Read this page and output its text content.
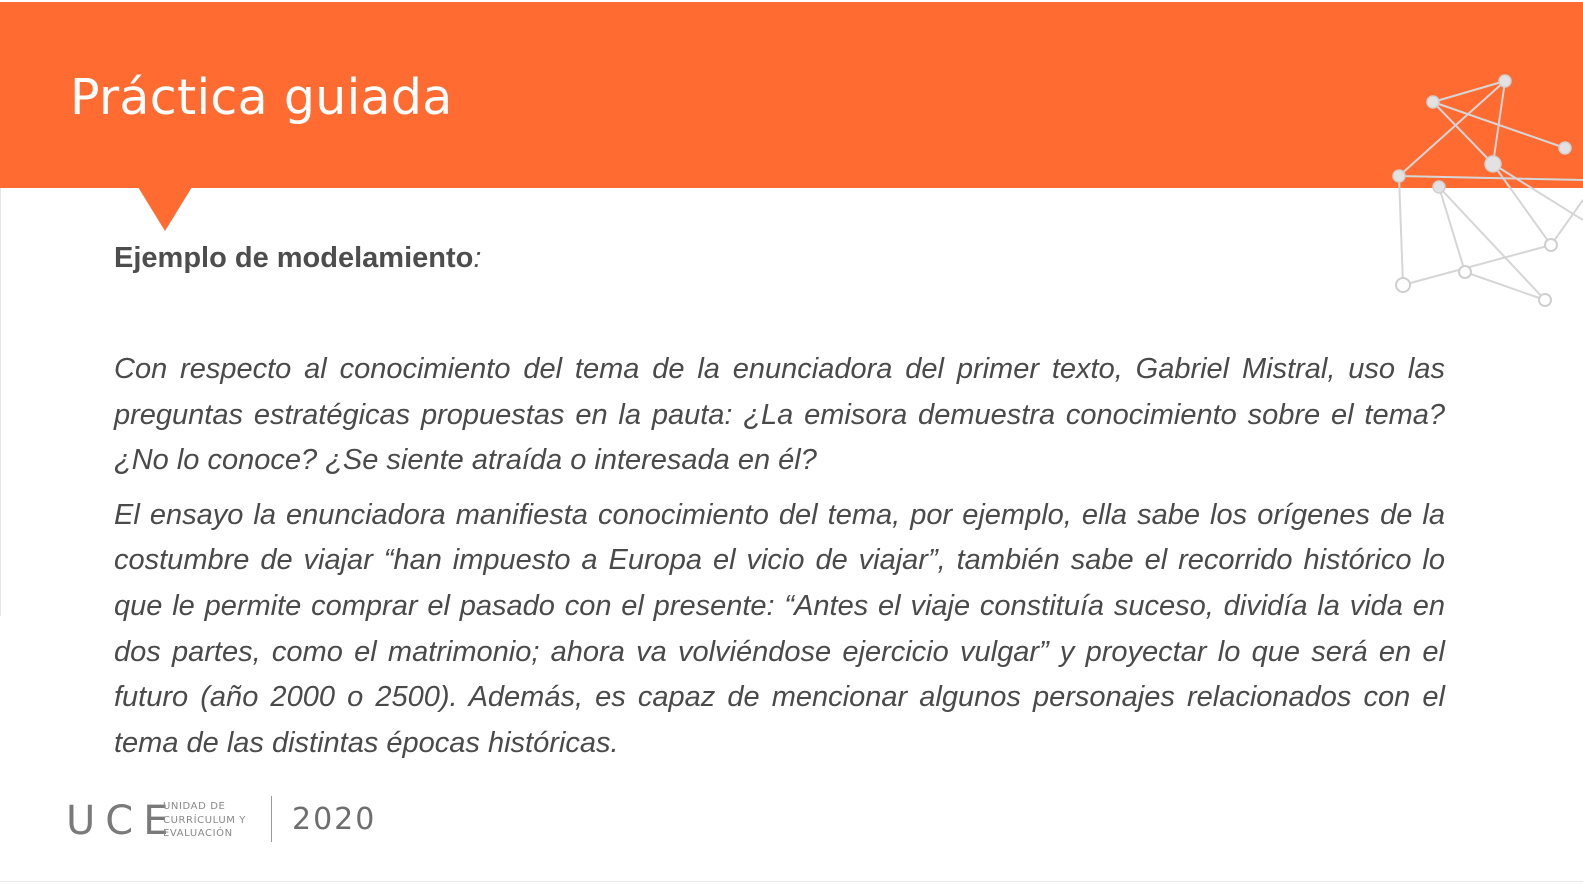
Práctica guiada

Ejemplo de modelamiento:

Con respecto al conocimiento del tema de la enunciadora del primer texto, Gabriel Mistral, uso las preguntas estratégicas propuestas en la pauta: ¿La emisora demuestra conocimiento sobre el tema? ¿No lo conoce? ¿Se siente atraída o interesada en él?

El ensayo la enunciadora manifiesta conocimiento del tema, por ejemplo, ella sabe los orígenes de la costumbre de viajar “han impuesto a Europa el vicio de viajar”, también sabe el recorrido histórico lo que le permite comprar el pasado con el presente: “Antes el viaje constituía suceso, dividía la vida en dos partes, como el matrimonio; ahora va volviéndose ejercicio vulgar” y proyectar lo que será en el futuro (año 2000 o 2500). Además, es capaz de mencionar algunos personajes relacionados con el tema de las distintas épocas históricas.

UCE
UNIDAD DE
CURRÍCULUM Y
EVALUACIÓN	2020
